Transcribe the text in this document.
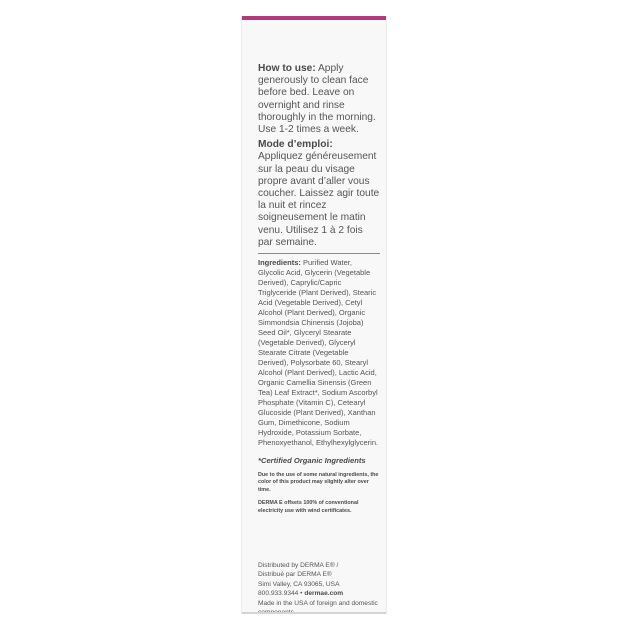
How to use: Apply generously to clean face before bed. Leave on overnight and rinse thoroughly in the morning. Use 1-2 times a week.

Mode d’emploi:

Appliquez généreusement sur la peau du visage propre avant d’aller vous coucher. Laissez agir toute la nuit et rincez soigneusement le matin venu. Utilisez 1 à 2 fois par semaine.

Ingredients: Purified Water, Glycolic Acid, Glycerin (Vegetable Derived), Caprylic/Capric Triglyceride (Plant Derived), Stearic Acid (Vegetable Derived), Cetyl Alcohol (Plant Derived), Organic Simmondsia Chinensis (Jojoba) Seed Oil*, Glyceryl Stearate (Vegetable Derived), Glyceryl Stearate Citrate (Vegetable Derived), Polysorbate 60, Stearyl Alcohol (Plant Derived), Lactic Acid, Organic Camellia Sinensis (Green Tea) Leaf Extract*, Sodium Ascorbyl Phosphate (Vitamin C), Cetearyl Glucoside (Plant Derived), Xanthan Gum, Dimethicone, Sodium Hydroxide, Potassium Sorbate, Phenoxyethanol, Ethylhexylglycerin.

*Certified Organic Ingredients

Due to the use of some natural ingredients, the color of this product may slightly alter over time.

DERMA E offsets 100% of conventional electricity use with wind certificates.

Distributed by DERMA E® /
Distribué par DERMA E®
Simi Valley, CA 93065, USA
800.933.9344 • dermae.com
Made in the USA of foreign and domestic
